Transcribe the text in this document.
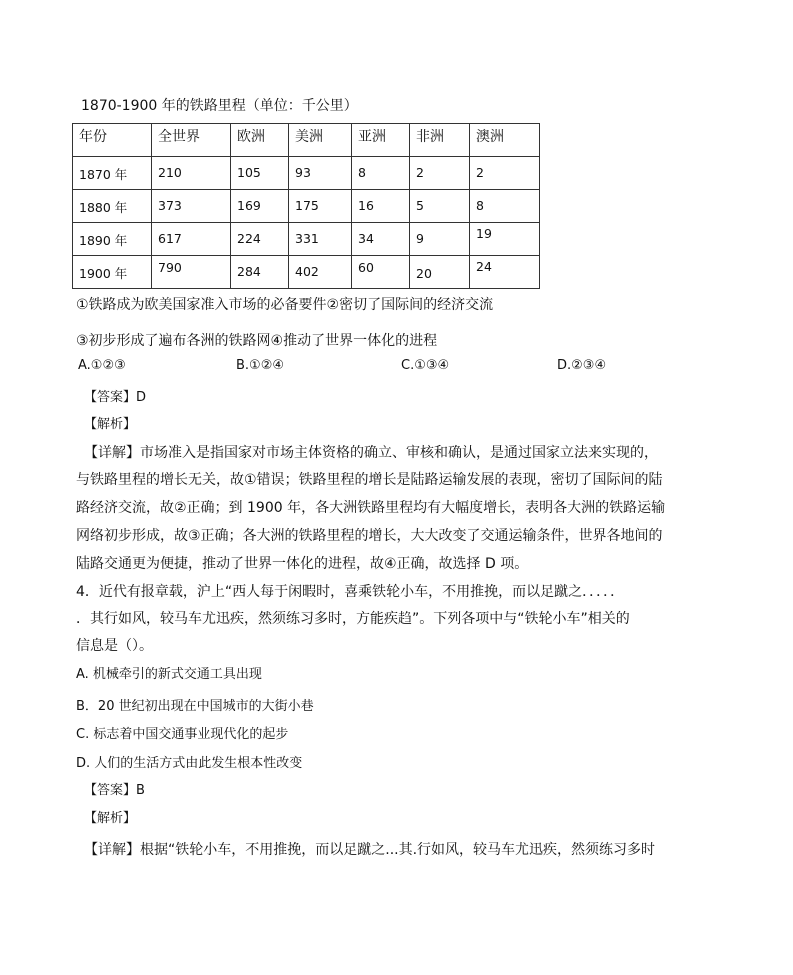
1870-1900 年的铁路里程（单位：千公里）
年份	全世界	欧洲	美洲	亚洲	非洲	澳洲
1870 年	210	105	93	8	2	2
1880 年	373	169	175	16	5	8
1890 年	617	224	331	34	9	19
1900 年	790	284	402	60	20	24
①铁路成为欧美国家准入市场的必备要件②密切了国际间的经济交流
③初步形成了遍布各洲的铁路网④推动了世界一体化的进程
A.①②③	B.①②④	C.①③④	D.②③④
【答案】D
【解析】
【详解】市场准入是指国家对市场主体资格的确立、审核和确认，是通过国家立法来实现的，
与铁路里程的增长无关，故①错误；铁路里程的增长是陆路运输发展的表现，密切了国际间的陆
路经济交流，故②正确；到 1900 年，各大洲铁路里程均有大幅度增长，表明各大洲的铁路运输
网络初步形成，故③正确；各大洲的铁路里程的增长，大大改变了交通运输条件，世界各地间的
陆路交通更为便捷，推动了世界一体化的进程，故④正确，故选择 D 项。
4．近代有报章载，沪上“西人每于闲暇时，喜乘铁轮小车，不用推挽，而以足蹴之．．．．．
．其行如风，较马车尤迅疾，然须练习多时，方能疾趋”。下列各项中与“铁轮小车”相关的
信息是（）。
A. 机械牵引的新式交通工具出现
B．20 世纪初出现在中国城市的大街小巷
C. 标志着中国交通事业现代化的起步
D. 人们的生活方式由此发生根本性改变
【答案】B
【解析】
【详解】根据“铁轮小车，不用推挽，而以足蹴之...其.行如风，较马车尤迅疾，然须练习多时
